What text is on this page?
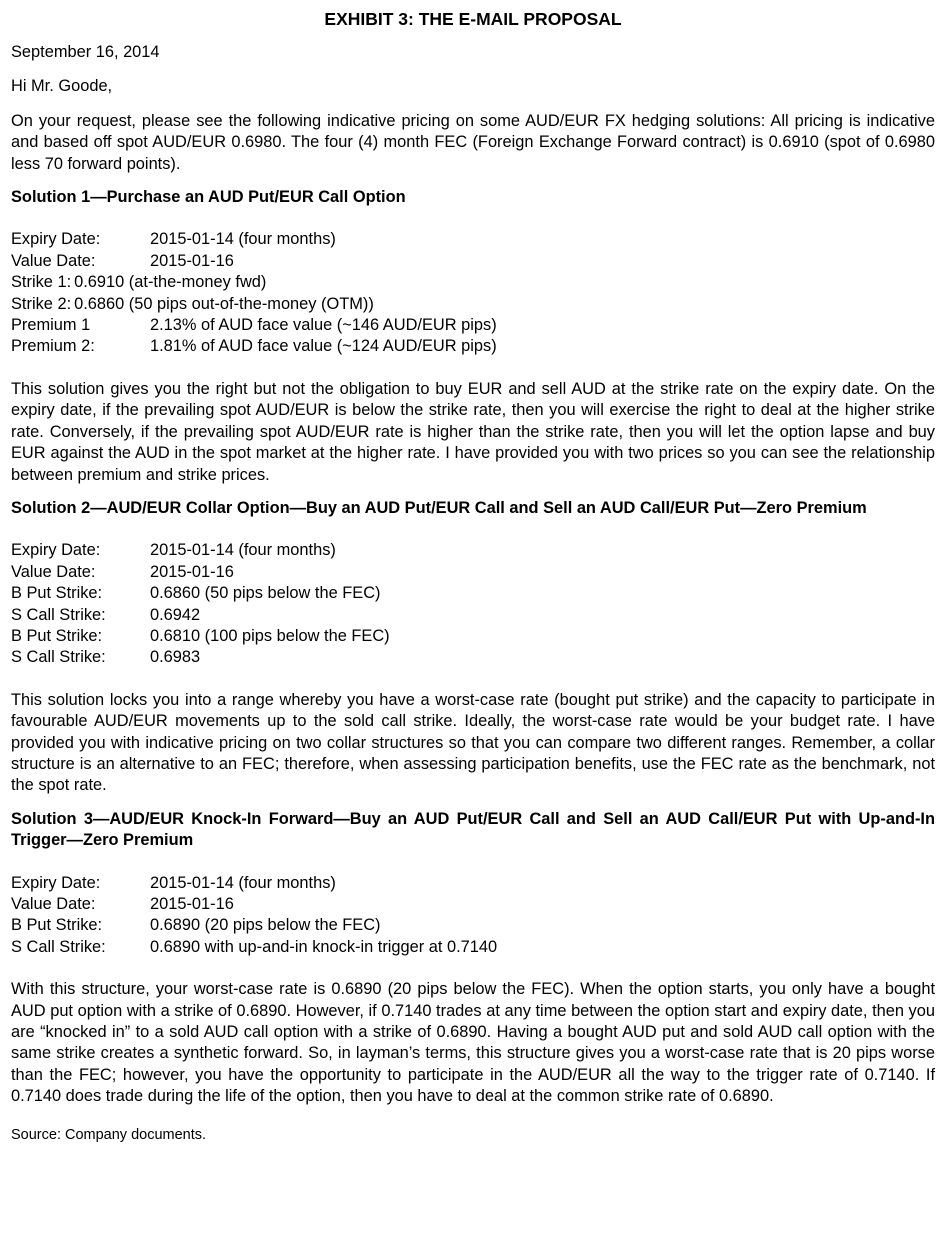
EXHIBIT 3: THE E-MAIL PROPOSAL
September 16, 2014
Hi Mr. Goode,
On your request, please see the following indicative pricing on some AUD/EUR FX hedging solutions: All pricing is indicative and based off spot AUD/EUR 0.6980. The four (4) month FEC (Foreign Exchange Forward contract) is 0.6910 (spot of 0.6980 less 70 forward points).
Solution 1—Purchase an AUD Put/EUR Call Option
Expiry Date:	2015-01-14 (four months)
Value Date:	2015-01-16
Strike 1: 0.6910 (at-the-money fwd)
Strike 2: 0.6860 (50 pips out-of-the-money (OTM))
Premium 1	2.13% of AUD face value (~146 AUD/EUR pips)
Premium 2:	1.81% of AUD face value (~124 AUD/EUR pips)
This solution gives you the right but not the obligation to buy EUR and sell AUD at the strike rate on the expiry date. On the expiry date, if the prevailing spot AUD/EUR is below the strike rate, then you will exercise the right to deal at the higher strike rate. Conversely, if the prevailing spot AUD/EUR rate is higher than the strike rate, then you will let the option lapse and buy EUR against the AUD in the spot market at the higher rate. I have provided you with two prices so you can see the relationship between premium and strike prices.
Solution 2—AUD/EUR Collar Option—Buy an AUD Put/EUR Call and Sell an AUD Call/EUR Put—Zero Premium
Expiry Date:	2015-01-14 (four months)
Value Date:	2015-01-16
B Put Strike:	0.6860 (50 pips below the FEC)
S Call Strike:	0.6942
B Put Strike:	0.6810 (100 pips below the FEC)
S Call Strike:	0.6983
This solution locks you into a range whereby you have a worst-case rate (bought put strike) and the capacity to participate in favourable AUD/EUR movements up to the sold call strike. Ideally, the worst-case rate would be your budget rate. I have provided you with indicative pricing on two collar structures so that you can compare two different ranges. Remember, a collar structure is an alternative to an FEC; therefore, when assessing participation benefits, use the FEC rate as the benchmark, not the spot rate.
Solution 3—AUD/EUR Knock-In Forward—Buy an AUD Put/EUR Call and Sell an AUD Call/EUR Put with Up-and-In Trigger—Zero Premium
Expiry Date:	2015-01-14 (four months)
Value Date:	2015-01-16
B Put Strike:	0.6890 (20 pips below the FEC)
S Call Strike:	0.6890 with up-and-in knock-in trigger at 0.7140
With this structure, your worst-case rate is 0.6890 (20 pips below the FEC). When the option starts, you only have a bought AUD put option with a strike of 0.6890. However, if 0.7140 trades at any time between the option start and expiry date, then you are “knocked in” to a sold AUD call option with a strike of 0.6890. Having a bought AUD put and sold AUD call option with the same strike creates a synthetic forward. So, in layman’s terms, this structure gives you a worst-case rate that is 20 pips worse than the FEC; however, you have the opportunity to participate in the AUD/EUR all the way to the trigger rate of 0.7140. If 0.7140 does trade during the life of the option, then you have to deal at the common strike rate of 0.6890.
Source: Company documents.
